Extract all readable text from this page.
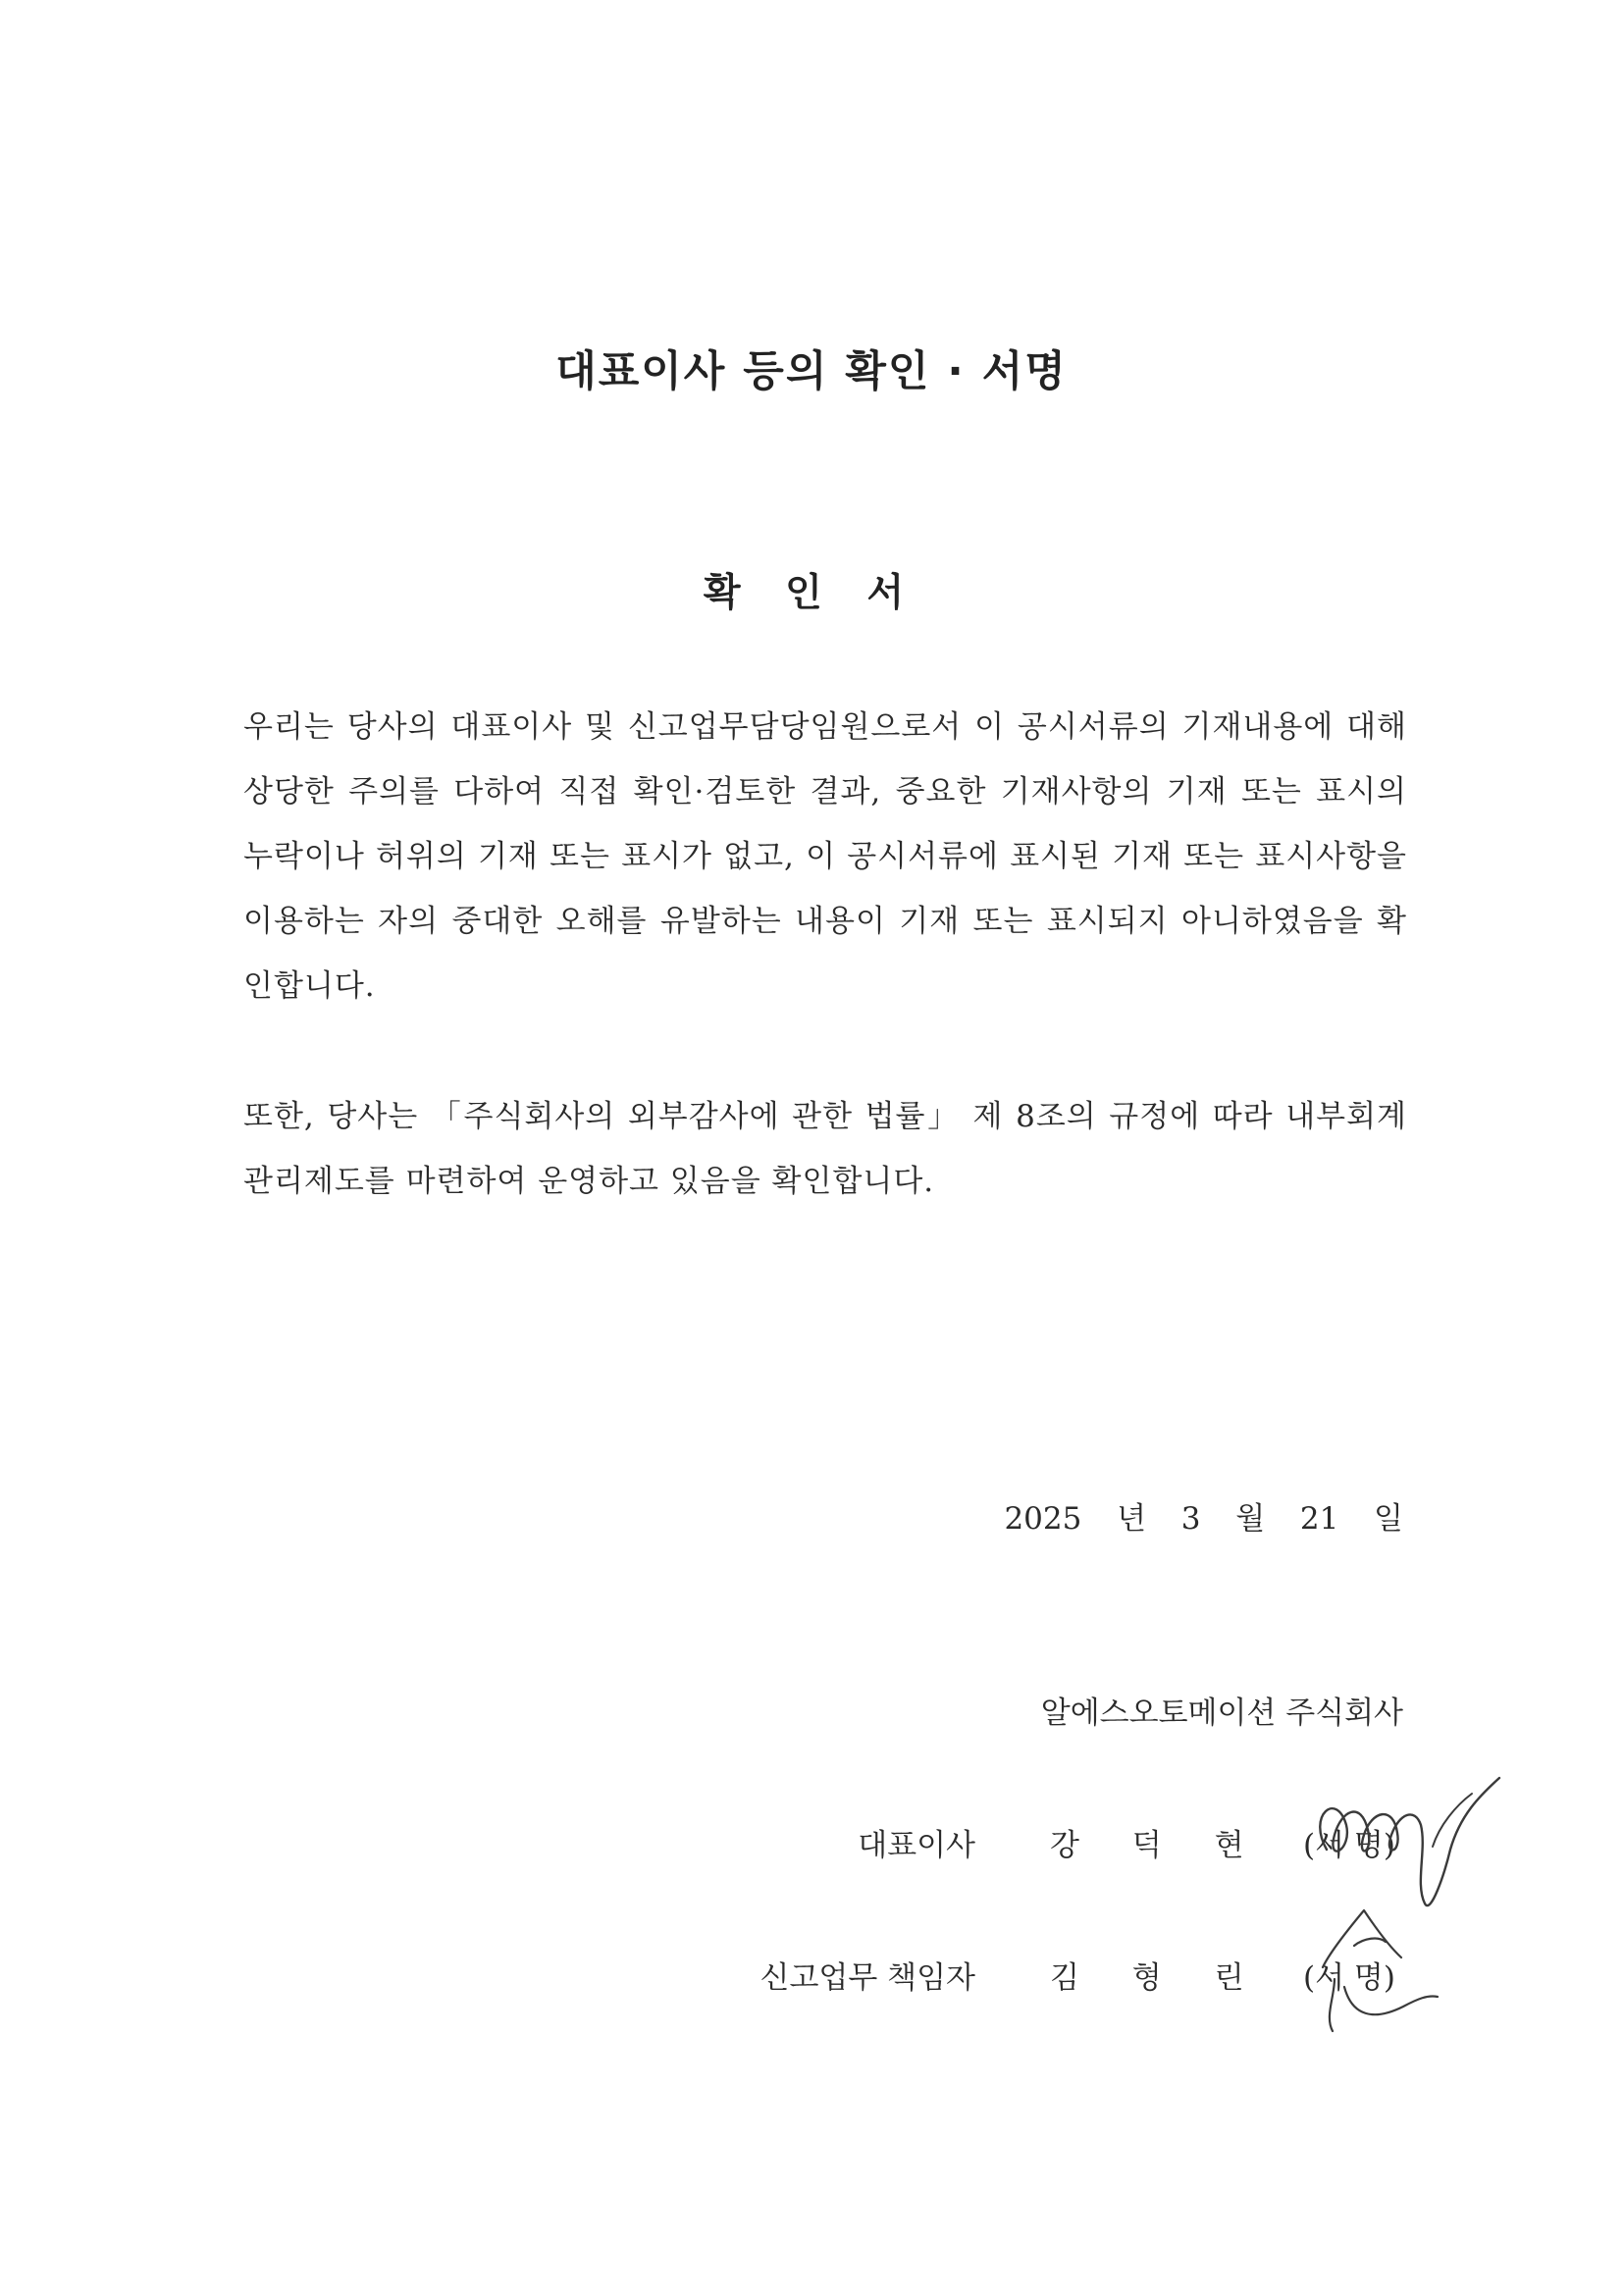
대표이사 등의 확인 · 서명
확 인 서

우리는 당사의 대표이사 및 신고업무담당임원으로서 이 공시서류의 기재내용에 대해 상당한 주의를 다하여 직접 확인·검토한 결과, 중요한 기재사항의 기재 또는 표시의 누락이나 허위의 기재 또는 표시가 없고, 이 공시서류에 표시된 기재 또는 표시사항을 이용하는 자의 중대한 오해를 유발하는 내용이 기재 또는 표시되지 아니하였음을 확인합니다.

또한, 당사는 「주식회사의 외부감사에 관한 법률」 제 8조의 규정에 따라 내부회계관리제도를 마련하여 운영하고 있음을 확인합니다.

2025 년 3 월 21 일
알에스오토메이션 주식회사
대표이사 강 덕 현 (서 명)
신고업무 책임자 김 형 린 (서 명)
